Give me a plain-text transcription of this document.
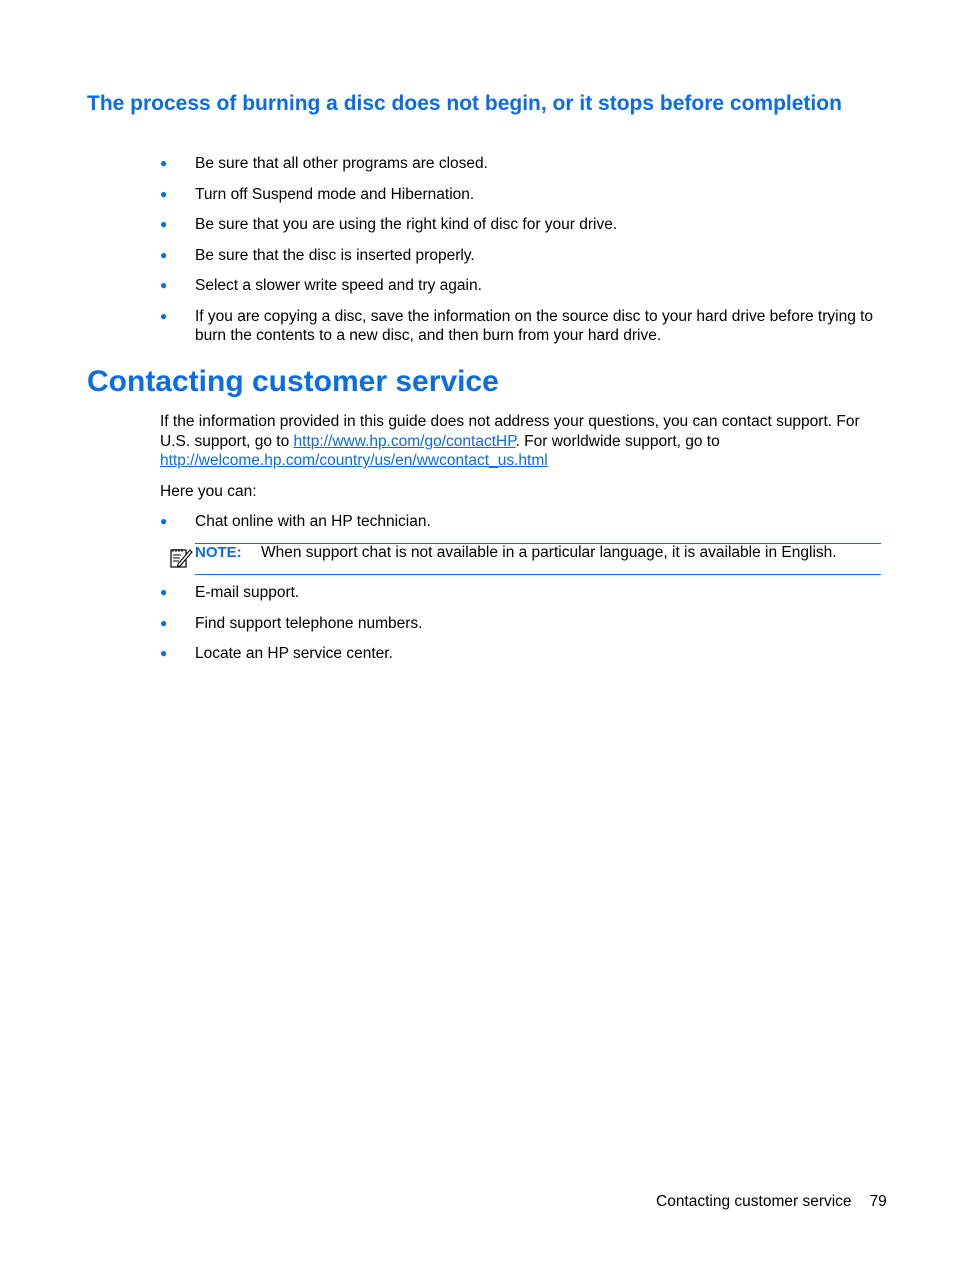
The process of burning a disc does not begin, or it stops before completion
●	Be sure that all other programs are closed.
●	Turn off Suspend mode and Hibernation.
●	Be sure that you are using the right kind of disc for your drive.
●	Be sure that the disc is inserted properly.
●	Select a slower write speed and try again.
●	If you are copying a disc, save the information on the source disc to your hard drive before trying to burn the contents to a new disc, and then burn from your hard drive.
Contacting customer service
If the information provided in this guide does not address your questions, you can contact support. For U.S. support, go to http://www.hp.com/go/contactHP. For worldwide support, go to
http://welcome.hp.com/country/us/en/wwcontact_us.html
Here you can:
●	Chat online with an HP technician.
NOTE: When support chat is not available in a particular language, it is available in English.
●	E-mail support.
●	Find support telephone numbers.
●	Locate an HP service center.
Contacting customer service 79
